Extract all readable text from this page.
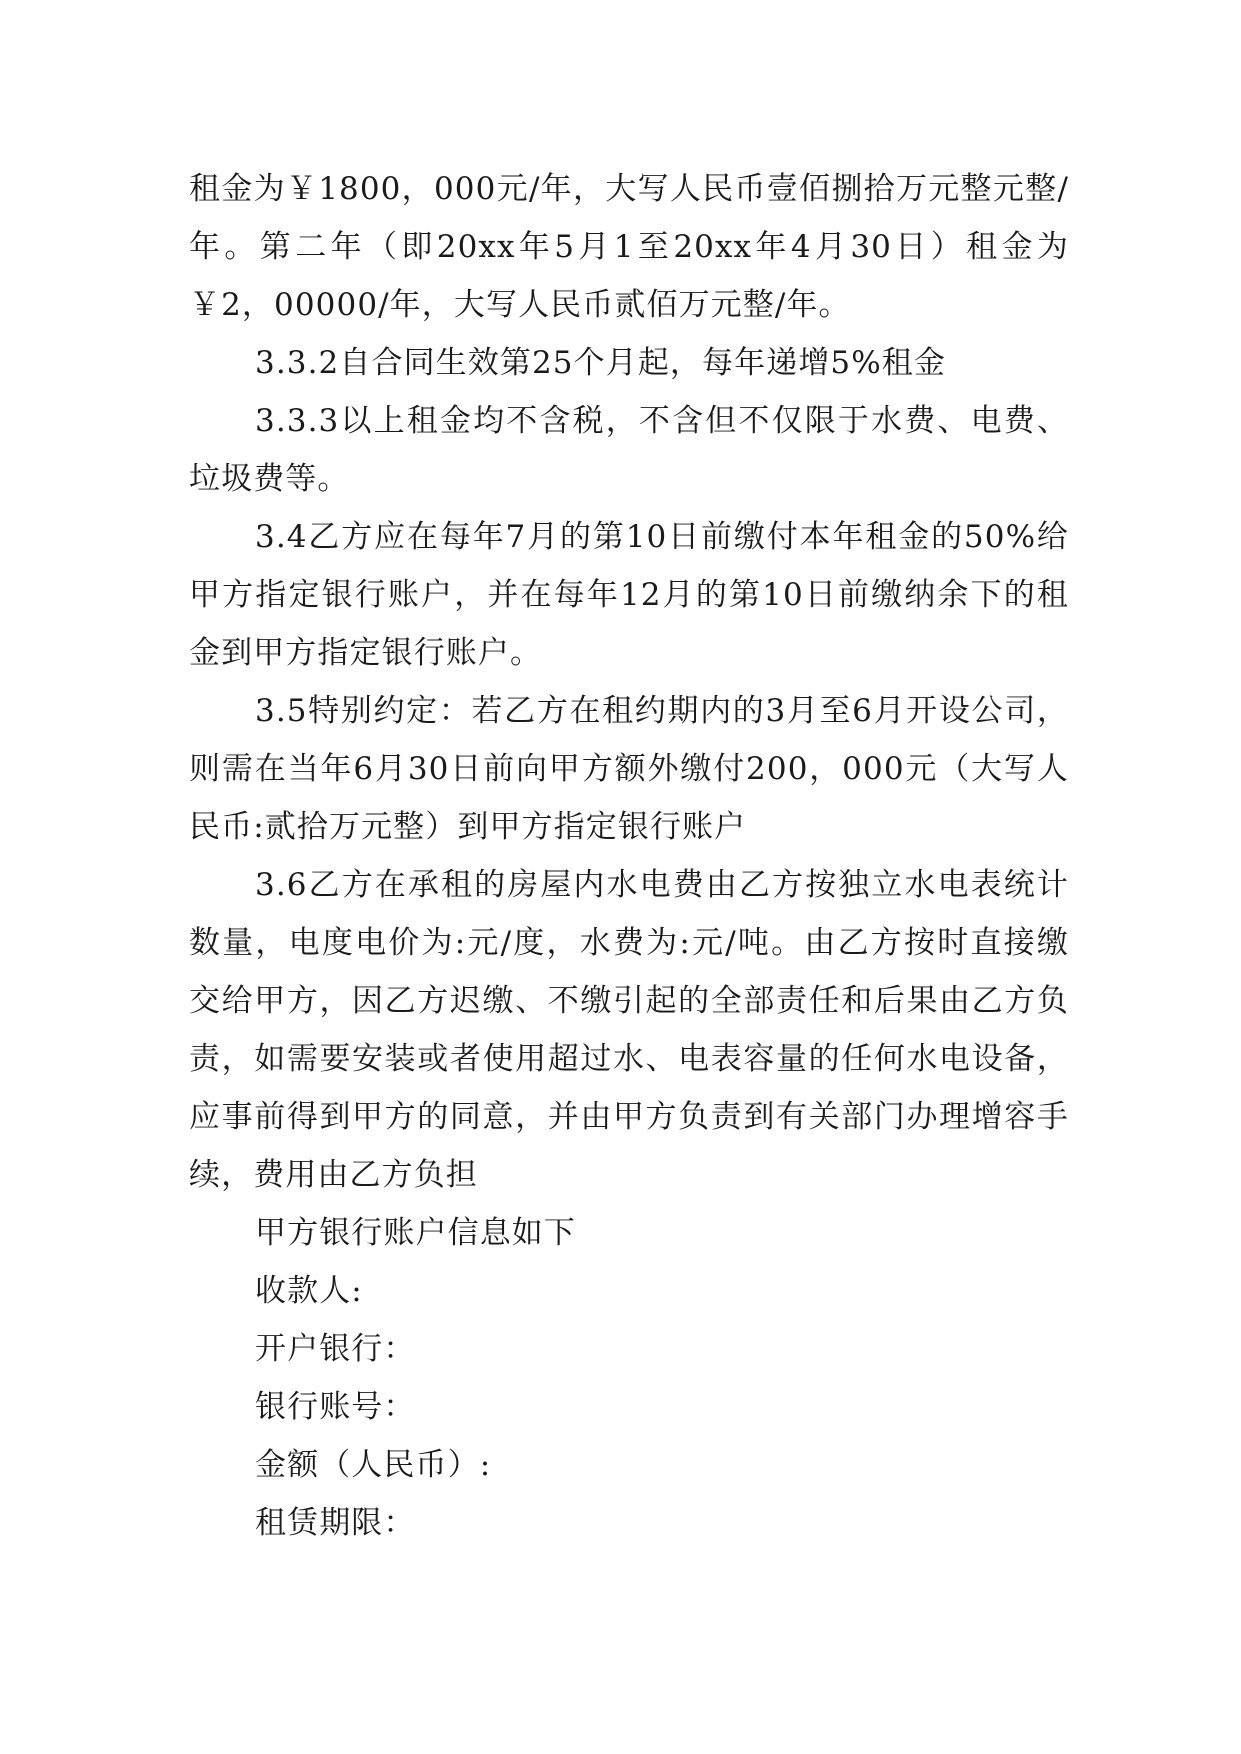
租金为￥1800，000元/年，大写人民币壹佰捌拾万元整元整/年。第二年（即20xx年5月1至20xx年4月30日）租金为￥2，00000/年，大写人民币贰佰万元整/年。

3.3.2自合同生效第25个月起，每年递增5%租金

3.3.3以上租金均不含税，不含但不仅限于水费、电费、垃圾费等。

3.4乙方应在每年7月的第10日前缴付本年租金的50%给甲方指定银行账户，并在每年12月的第10日前缴纳余下的租金到甲方指定银行账户。

3.5特别约定：若乙方在租约期内的3月至6月开设公司，则需在当年6月30日前向甲方额外缴付200，000元（大写人民币:贰拾万元整）到甲方指定银行账户

3.6乙方在承租的房屋内水电费由乙方按独立水电表统计数量，电度电价为:元/度，水费为:元/吨。由乙方按时直接缴交给甲方，因乙方迟缴、不缴引起的全部责任和后果由乙方负责，如需要安装或者使用超过水、电表容量的任何水电设备，应事前得到甲方的同意，并由甲方负责到有关部门办理增容手续，费用由乙方负担

甲方银行账户信息如下

收款人:

开户银行：

银行账号：

金额（人民币）:

租赁期限：
